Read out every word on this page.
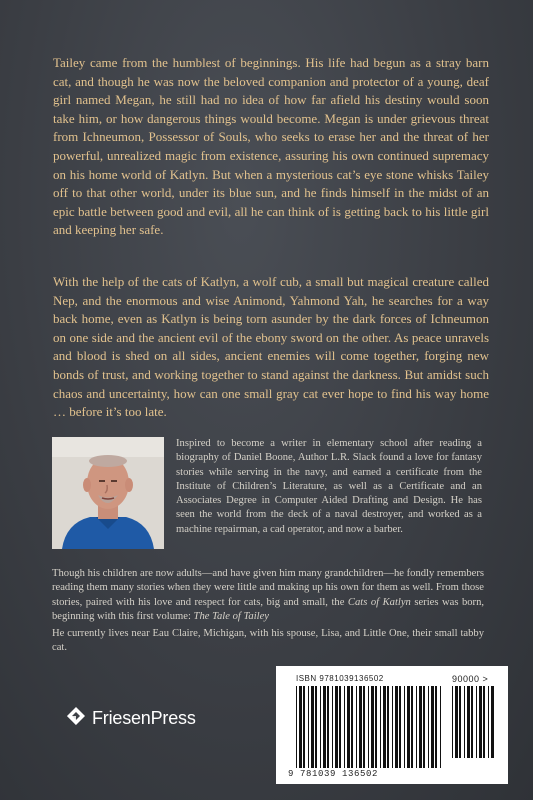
Tailey came from the humblest of beginnings. His life had begun as a stray barn cat, and though he was now the beloved companion and protector of a young, deaf girl named Megan, he still had no idea of how far afield his destiny would soon take him, or how dangerous things would become. Megan is under grievous threat from Ichneumon, Possessor of Souls, who seeks to erase her and the threat of her powerful, unrealized magic from existence, assuring his own continued supremacy on his home world of Katlyn. But when a mysterious cat’s eye stone whisks Tailey off to that other world, under its blue sun, and he finds himself in the midst of an epic battle between good and evil, all he can think of is getting back to his little girl and keeping her safe.

With the help of the cats of Katlyn, a wolf cub, a small but magical creature called Nep, and the enormous and wise Animond, Yahmond Yah, he searches for a way back home, even as Katlyn is being torn asunder by the dark forces of Ichneumon on one side and the ancient evil of the ebony sword on the other. As peace unravels and blood is shed on all sides, ancient enemies will come together, forging new bonds of trust, and working together to stand against the darkness. But amidst such chaos and uncertainty, how can one small gray cat ever hope to find his way home … before it’s too late.

Inspired to become a writer in elementary school after reading a biography of Daniel Boone, Author L.R. Slack found a love for fantasy stories while serving in the navy, and earned a certificate from the Institute of Children’s Literature, as well as a Certificate and an Associates Degree in Computer Aided Drafting and Design. He has seen the world from the deck of a naval destroyer, and worked as a machine repairman, a cad operator, and now a barber.

Though his children are now adults—and have given him many grandchildren—he fondly remembers reading them many stories when they were little and making up his own for them as well. From those stories, paired with his love and respect for cats, big and small, the Cats of Katlyn series was born, beginning with this first volume: The Tale of Tailey

He currently lives near Eau Claire, Michigan, with his spouse, Lisa, and Little One, their small tabby cat.

FriesenPress
ISBN 9781039136502	90000 >
9 781039 136502
